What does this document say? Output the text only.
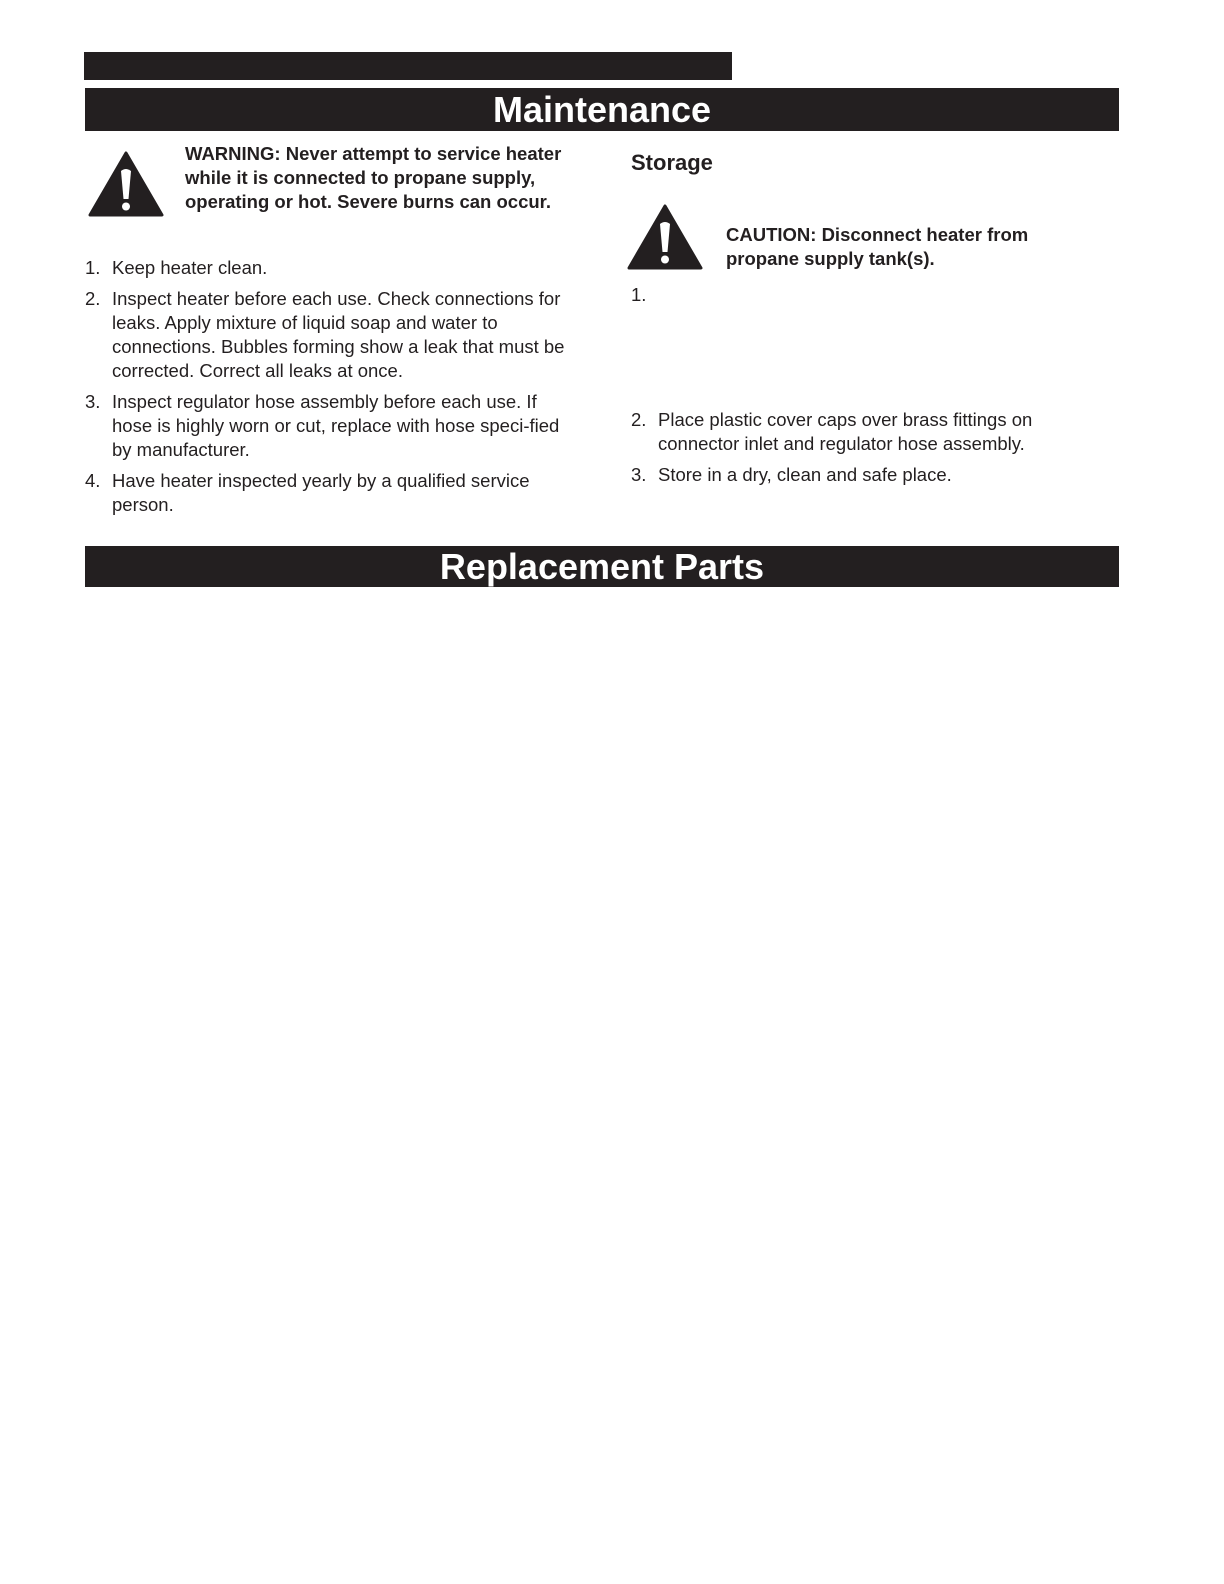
Maintenance

WARNING: Never attempt to service heater while it is connected to propane supply, operating or hot. Severe burns can occur.

1. Keep heater clean.
2. Inspect heater before each use. Check connections for leaks. Apply mixture of liquid soap and water to connections. Bubbles forming show a leak that must be corrected. Correct all leaks at once.
3. Inspect regulator hose assembly before each use. If hose is highly worn or cut, replace with hose speci-fied by manufacturer.
4. Have heater inspected yearly by a qualified service person.
Storage

CAUTION: Disconnect heater from propane supply tank(s).

1.
2. Place plastic cover caps over brass fittings on connector inlet and regulator hose assembly.
3. Store in a dry, clean and safe place.
Replacement Parts
